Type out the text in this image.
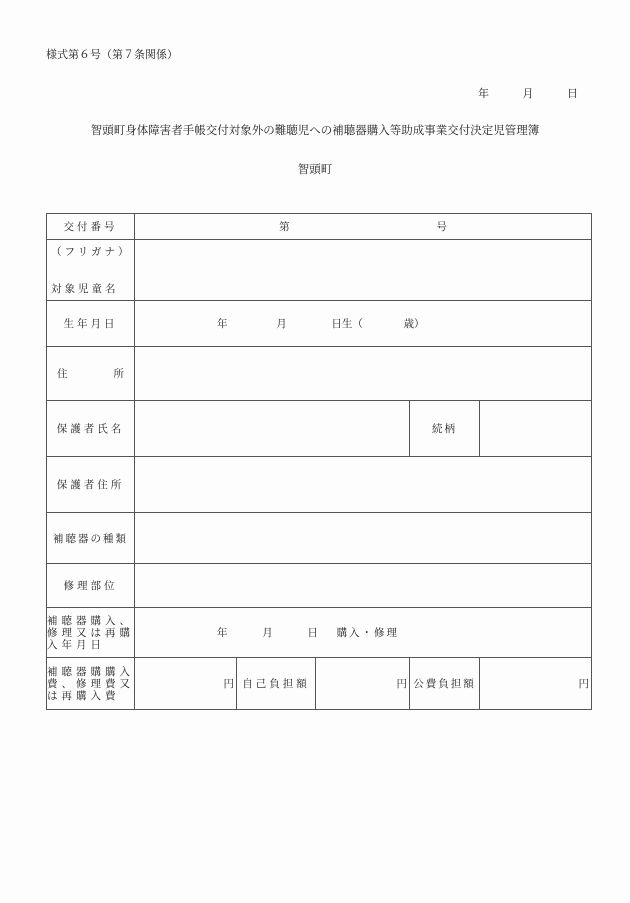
様式第６号（第７条関係）
年	月	日
智頭町身体障害者手帳交付対象外の難聴児への補聴器購入等助成事業交付決定児管理簿
智頭町
交付番号	第 号				

（フリガナ）
対象児童名					

生年月日	年 月 日生（ 歳）				

住 所					

保護者氏名				続柄	
保護者住所					
補聴器の種類					
修理部位					
補聴器購入、修理又は再購入年月日	年 月 日 購入・修理				
補聴器購購入費、修理費又は再購入費	円	自己負担額	円	公費負担額	円
